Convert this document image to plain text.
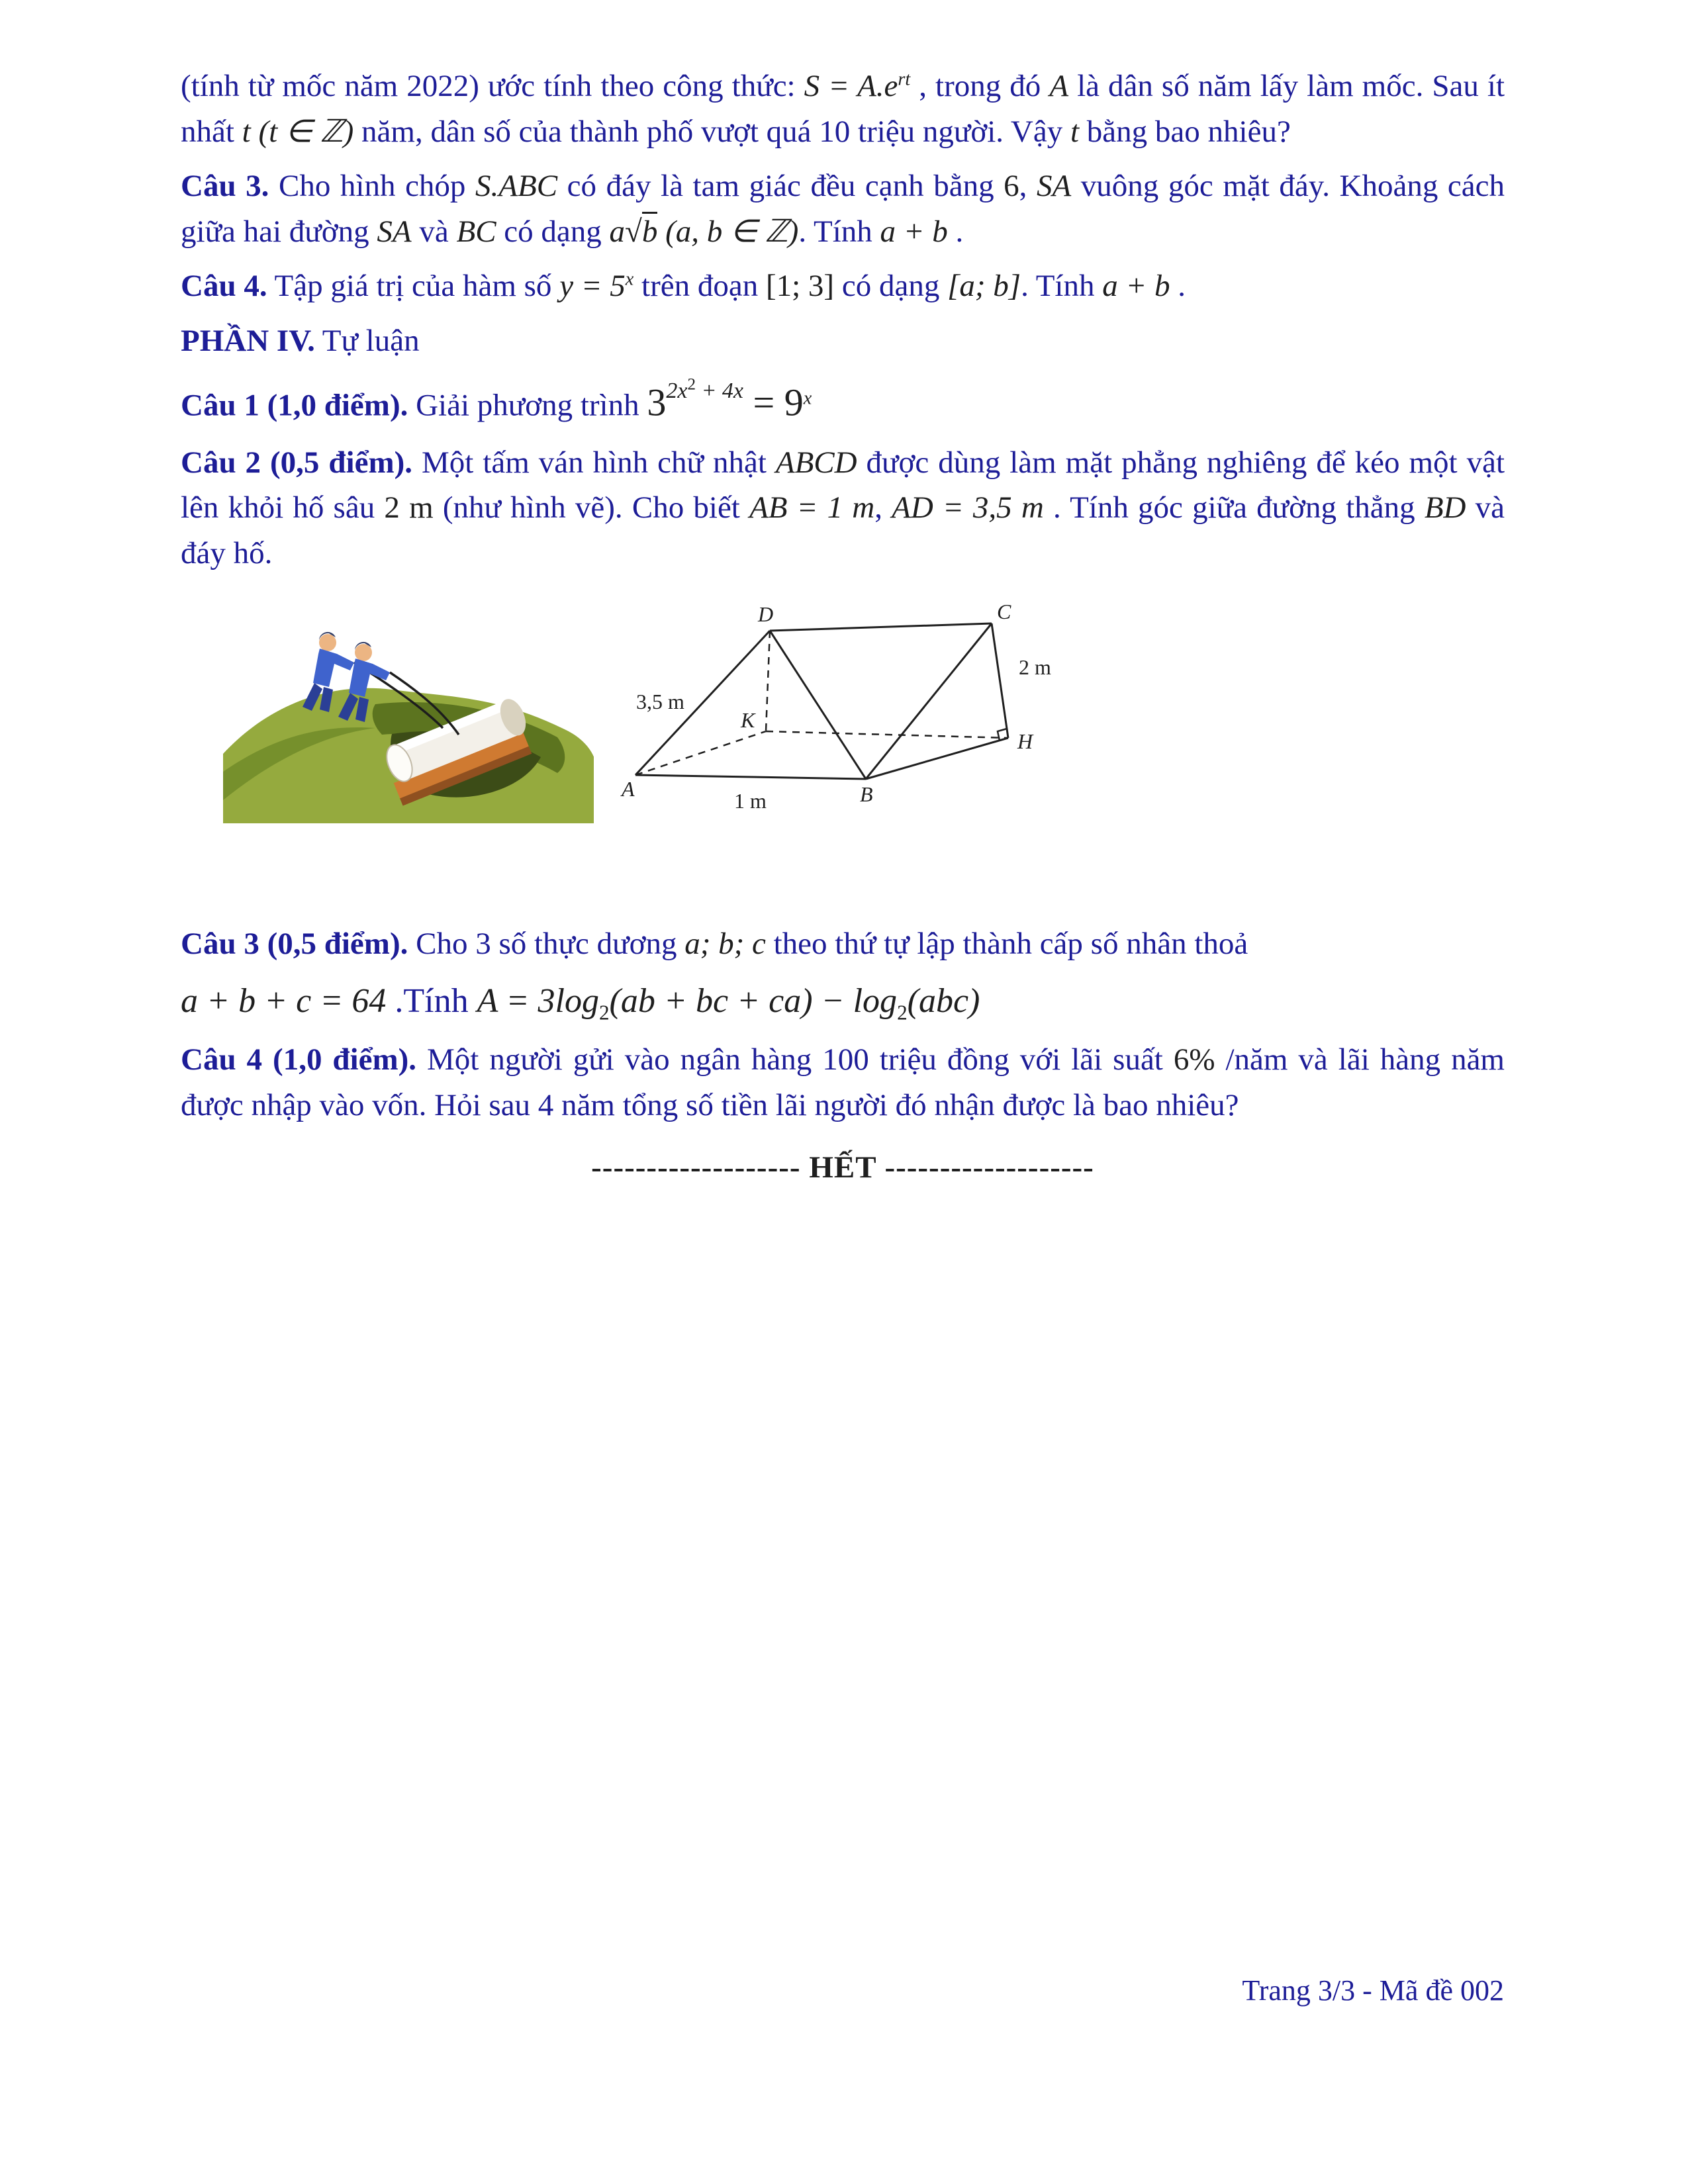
(tính từ mốc năm 2022) ước tính theo công thức: $S = A.e^{rt}$ , trong đó A là dân số năm lấy làm mốc. Sau ít nhất t (t ∈ ℤ) năm, dân số của thành phố vượt quá 10 triệu người. Vậy t bằng bao nhiêu?

Câu 3. Cho hình chóp S.ABC có đáy là tam giác đều cạnh bằng 6, SA vuông góc mặt đáy. Khoảng cách giữa hai đường SA và BC có dạng a√b (a, b ∈ ℤ). Tính a + b .

Câu 4. Tập giá trị của hàm số $y = 5^x$ trên đoạn [1; 3] có dạng [a; b]. Tính a + b .

PHẦN IV. Tự luận

Câu 1 (1,0 điểm). Giải phương trình $3^{2x^2 + 4x} = 9^x$

Câu 2 (0,5 điểm). Một tấm ván hình chữ nhật ABCD được dùng làm mặt phẳng nghiêng để kéo một vật lên khỏi hố sâu 2 m (như hình vẽ). Cho biết AB = 1 m, AD = 3,5 m . Tính góc giữa đường thẳng BD và đáy hố.

A	B
C
D
K
H
3,5 m
1 m
2 m

Câu 3 (0,5 điểm). Cho 3 số thực dương a; b; c theo thứ tự lập thành cấp số nhân thoả

a + b + c = 64 .Tính $A = 3\log_2(ab$ + bc + $ca) - \log_2(abc)$

Câu 4 (1,0 điểm). Một người gửi vào ngân hàng 100 triệu đồng với lãi suất 6% /năm và lãi hàng năm được nhập vào vốn. Hỏi sau 4 năm tổng số tiền lãi người đó nhận được là bao nhiêu?

------------------- HẾT -------------------

Trang 3/3 - Mã đề 002
